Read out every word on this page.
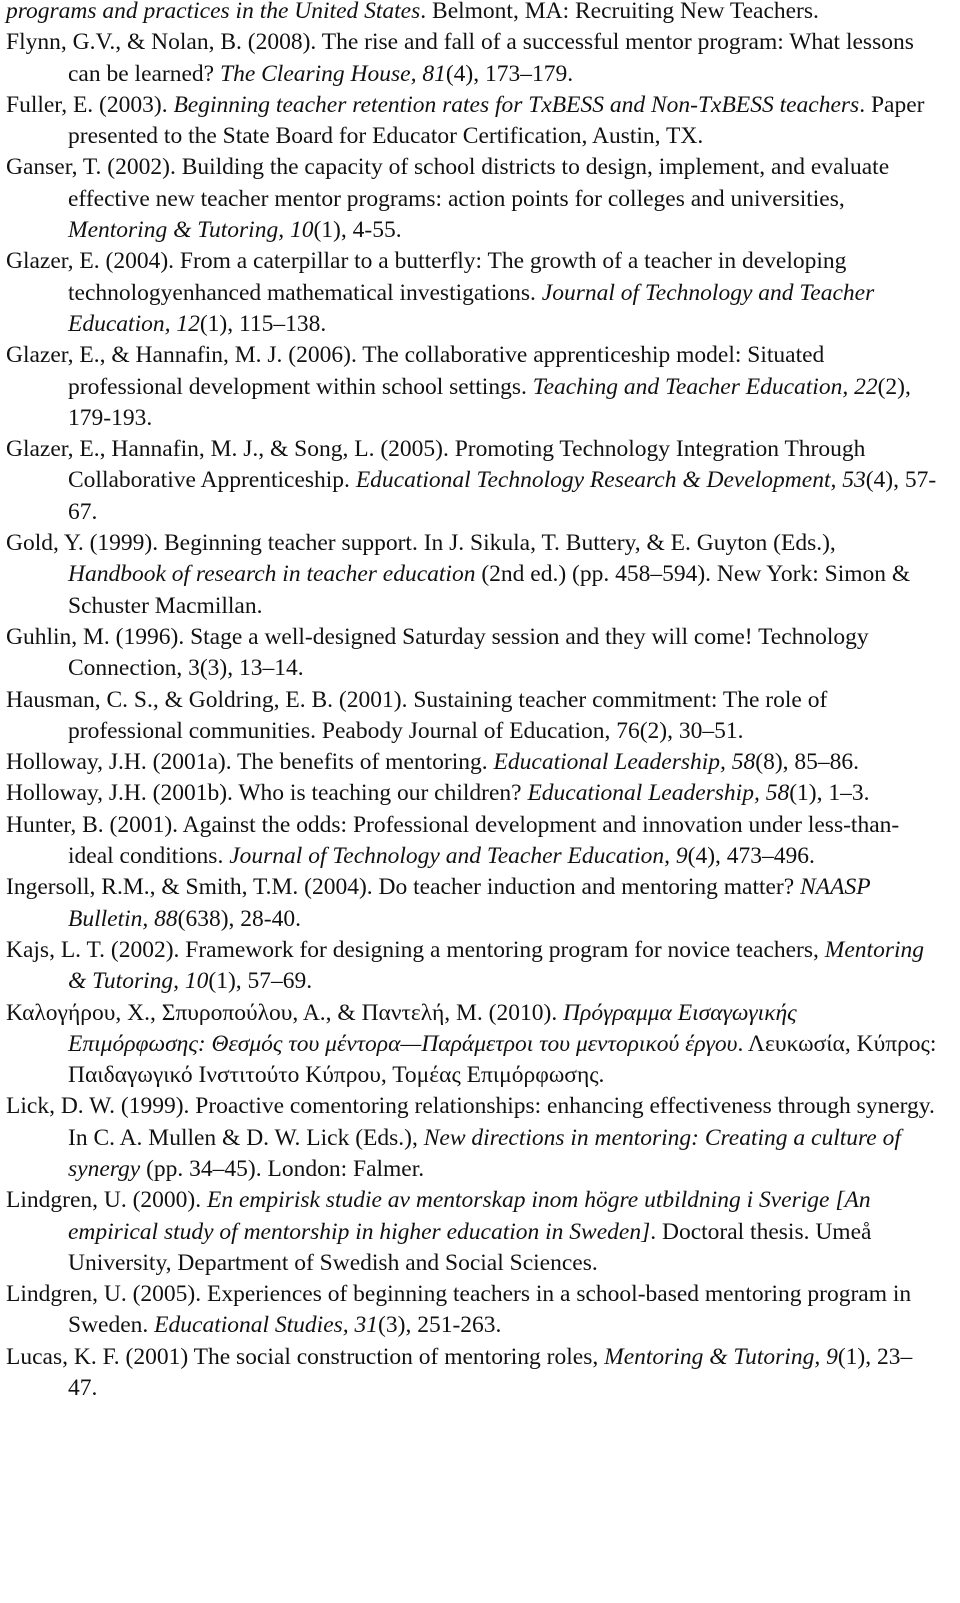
programs and practices in the United States. Belmont, MA: Recruiting New Teachers.

Flynn, G.V., & Nolan, B. (2008). The rise and fall of a successful mentor program: What lessons can be learned? The Clearing House, 81(4), 173–179.

Fuller, E. (2003). Beginning teacher retention rates for TxBESS and Non-TxBESS teachers. Paper presented to the State Board for Educator Certification, Austin, TX.

Ganser, T. (2002). Building the capacity of school districts to design, implement, and evaluate effective new teacher mentor programs: action points for colleges and universities, Mentoring & Tutoring, 10(1), 4-55.

Glazer, E. (2004). From a caterpillar to a butterfly: The growth of a teacher in developing technologyenhanced mathematical investigations. Journal of Technology and Teacher Education, 12(1), 115–138.

Glazer, E., & Hannafin, M. J. (2006). The collaborative apprenticeship model: Situated professional development within school settings. Teaching and Teacher Education, 22(2), 179-193.

Glazer, E., Hannafin, M. J., & Song, L. (2005). Promoting Technology Integration Through Collaborative Apprenticeship. Educational Technology Research & Development, 53(4), 57-67.

Gold, Y. (1999). Beginning teacher support. In J. Sikula, T. Buttery, & E. Guyton (Eds.), Handbook of research in teacher education (2nd ed.) (pp. 458–594). New York: Simon & Schuster Macmillan.

Guhlin, M. (1996). Stage a well-designed Saturday session and they will come! Technology Connection, 3(3), 13–14.

Hausman, C. S., & Goldring, E. B. (2001). Sustaining teacher commitment: The role of professional communities. Peabody Journal of Education, 76(2), 30–51.

Holloway, J.H. (2001a). The benefits of mentoring. Educational Leadership, 58(8), 85–86.

Holloway, J.H. (2001b). Who is teaching our children? Educational Leadership, 58(1), 1–3.

Hunter, B. (2001). Against the odds: Professional development and innovation under less-than-ideal conditions. Journal of Technology and Teacher Education, 9(4), 473–496.

Ingersoll, R.M., & Smith, T.M. (2004). Do teacher induction and mentoring matter? NAASP Bulletin, 88(638), 28-40.

Kajs, L. T. (2002). Framework for designing a mentoring program for novice teachers, Mentoring & Tutoring, 10(1), 57–69.

Καλογήρου, Χ., Σπυροπούλου, Α., & Παντελή, Μ. (2010). Πρόγραμμα Εισαγωγικής Επιμόρφωσης: Θεσμός του μέντορα—Παράμετροι του μεντορικού έργου. Λευκωσία, Κύπρος: Παιδαγωγικό Ινστιτούτο Κύπρου, Τομέας Επιμόρφωσης.

Lick, D. W. (1999). Proactive comentoring relationships: enhancing effectiveness through synergy. In C. A. Mullen & D. W. Lick (Eds.), New directions in mentoring: Creating a culture of synergy (pp. 34–45). London: Falmer.

Lindgren, U. (2000). En empirisk studie av mentorskap inom högre utbildning i Sverige [An empirical study of mentorship in higher education in Sweden]. Doctoral thesis. Umeå University, Department of Swedish and Social Sciences.

Lindgren, U. (2005). Experiences of beginning teachers in a school-based mentoring program in Sweden. Educational Studies, 31(3), 251-263.

Lucas, K. F. (2001) The social construction of mentoring roles, Mentoring & Tutoring, 9(1), 23–47.
